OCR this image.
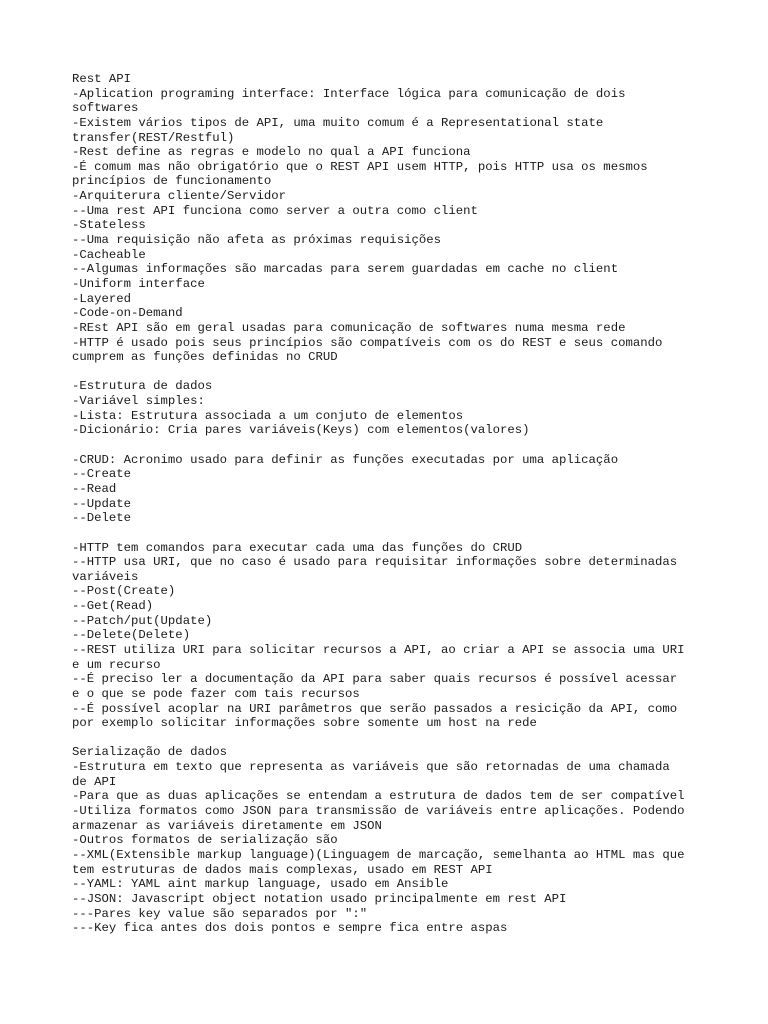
Rest API
-Aplication programing interface: Interface lógica para comunicação de dois
softwares
-Existem vários tipos de API, uma muito comum é a Representational state
transfer(REST/Restful)
-Rest define as regras e modelo no qual a API funciona
-É comum mas não obrigatório que o REST API usem HTTP, pois HTTP usa os mesmos
princípios de funcionamento
-Arquiterura cliente/Servidor
--Uma rest API funciona como server a outra como client
-Stateless
--Uma requisição não afeta as próximas requisições
-Cacheable
--Algumas informações são marcadas para serem guardadas em cache no client
-Uniform interface
-Layered
-Code-on-Demand
-REst API são em geral usadas para comunicação de softwares numa mesma rede
-HTTP é usado pois seus princípios são compatíveis com os do REST e seus comando
cumprem as funções definidas no CRUD
-Estrutura de dados
-Variável simples:
-Lista: Estrutura associada a um conjuto de elementos
-Dicionário: Cria pares variáveis(Keys) com elementos(valores)
-CRUD: Acronimo usado para definir as funções executadas por uma aplicação
--Create
--Read
--Update
--Delete
-HTTP tem comandos para executar cada uma das funções do CRUD
--HTTP usa URI, que no caso é usado para requisitar informações sobre determinadas
variáveis
--Post(Create)
--Get(Read)
--Patch/put(Update)
--Delete(Delete)
--REST utiliza URI para solicitar recursos a API, ao criar a API se associa uma URI
e um recurso
--É preciso ler a documentação da API para saber quais recursos é possível acessar
e o que se pode fazer com tais recursos
--É possível acoplar na URI parâmetros que serão passados a resicição da API, como
por exemplo solicitar informações sobre somente um host na rede
Serialização de dados
-Estrutura em texto que representa as variáveis que são retornadas de uma chamada
de API
-Para que as duas aplicações se entendam a estrutura de dados tem de ser compatível
-Utiliza formatos como JSON para transmissão de variáveis entre aplicações. Podendo
armazenar as variáveis diretamente em JSON
-Outros formatos de serialização são
--XML(Extensible markup language)(Linguagem de marcação, semelhanta ao HTML mas que
tem estruturas de dados mais complexas, usado em REST API
--YAML: YAML aint markup language, usado em Ansible
--JSON: Javascript object notation usado principalmente em rest API
---Pares key value são separados por ":"
---Key fica antes dos dois pontos e sempre fica entre aspas
